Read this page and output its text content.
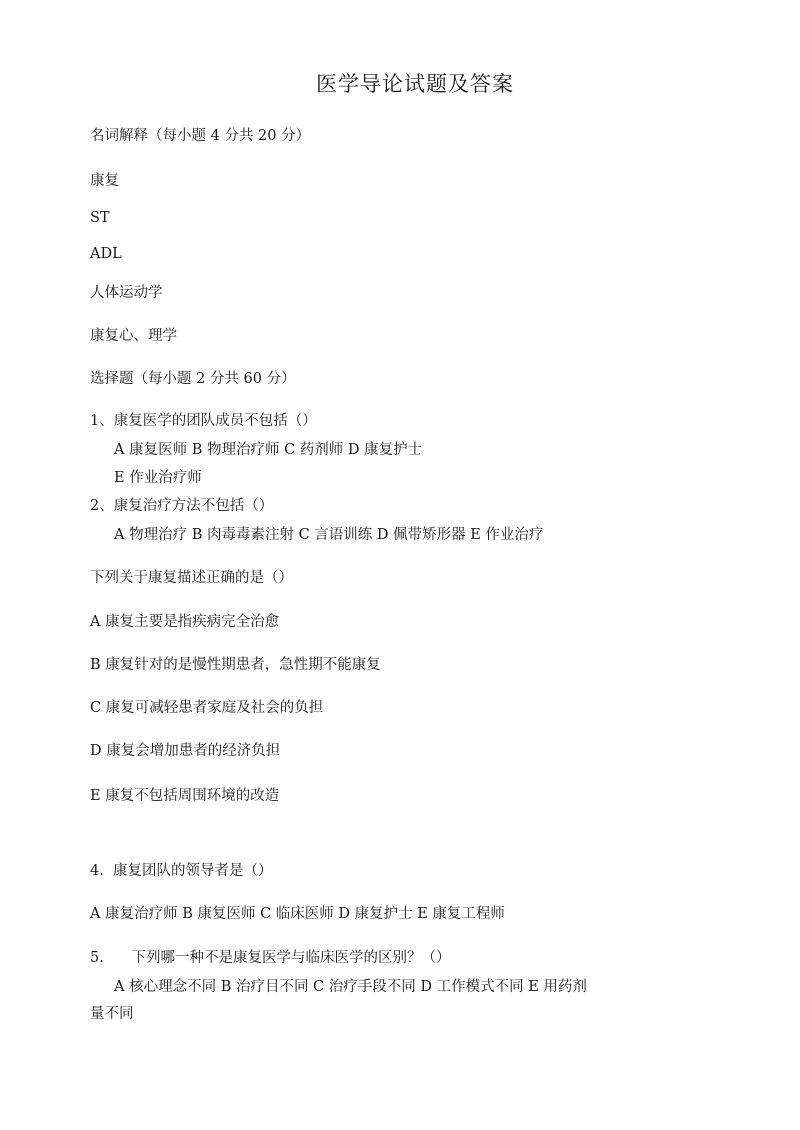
医学导论试题及答案
名词解释（每小题 4 分共 20 分）
康复
ST
ADL
人体运动学
康复心、理学
选择题（每小题 2 分共 60 分）
1、康复医学的团队成员不包括（）
A 康复医师 B 物理治疗师 C 药剂师 D 康复护士
E 作业治疗师
2、康复治疗方法不包括（）
A 物理治疗 B 肉毒毒素注射 C 言语训练 D 佩带矫形器 E 作业治疗
下列关于康复描述正确的是（）
A 康复主要是指疾病完全治愈
B 康复针对的是慢性期患者，急性期不能康复
C 康复可减轻患者家庭及社会的负担
D 康复会增加患者的经济负担
E 康复不包括周围环境的改造
4.  康复团队的领导者是（）
A 康复治疗师 B 康复医师 C 临床医师 D 康复护士 E 康复工程师
5.      下列哪一种不是康复医学与临床医学的区别？（）
A 核心理念不同 B 治疗目不同 C 治疗手段不同 D 工作模式不同 E 用药剂
量不同
